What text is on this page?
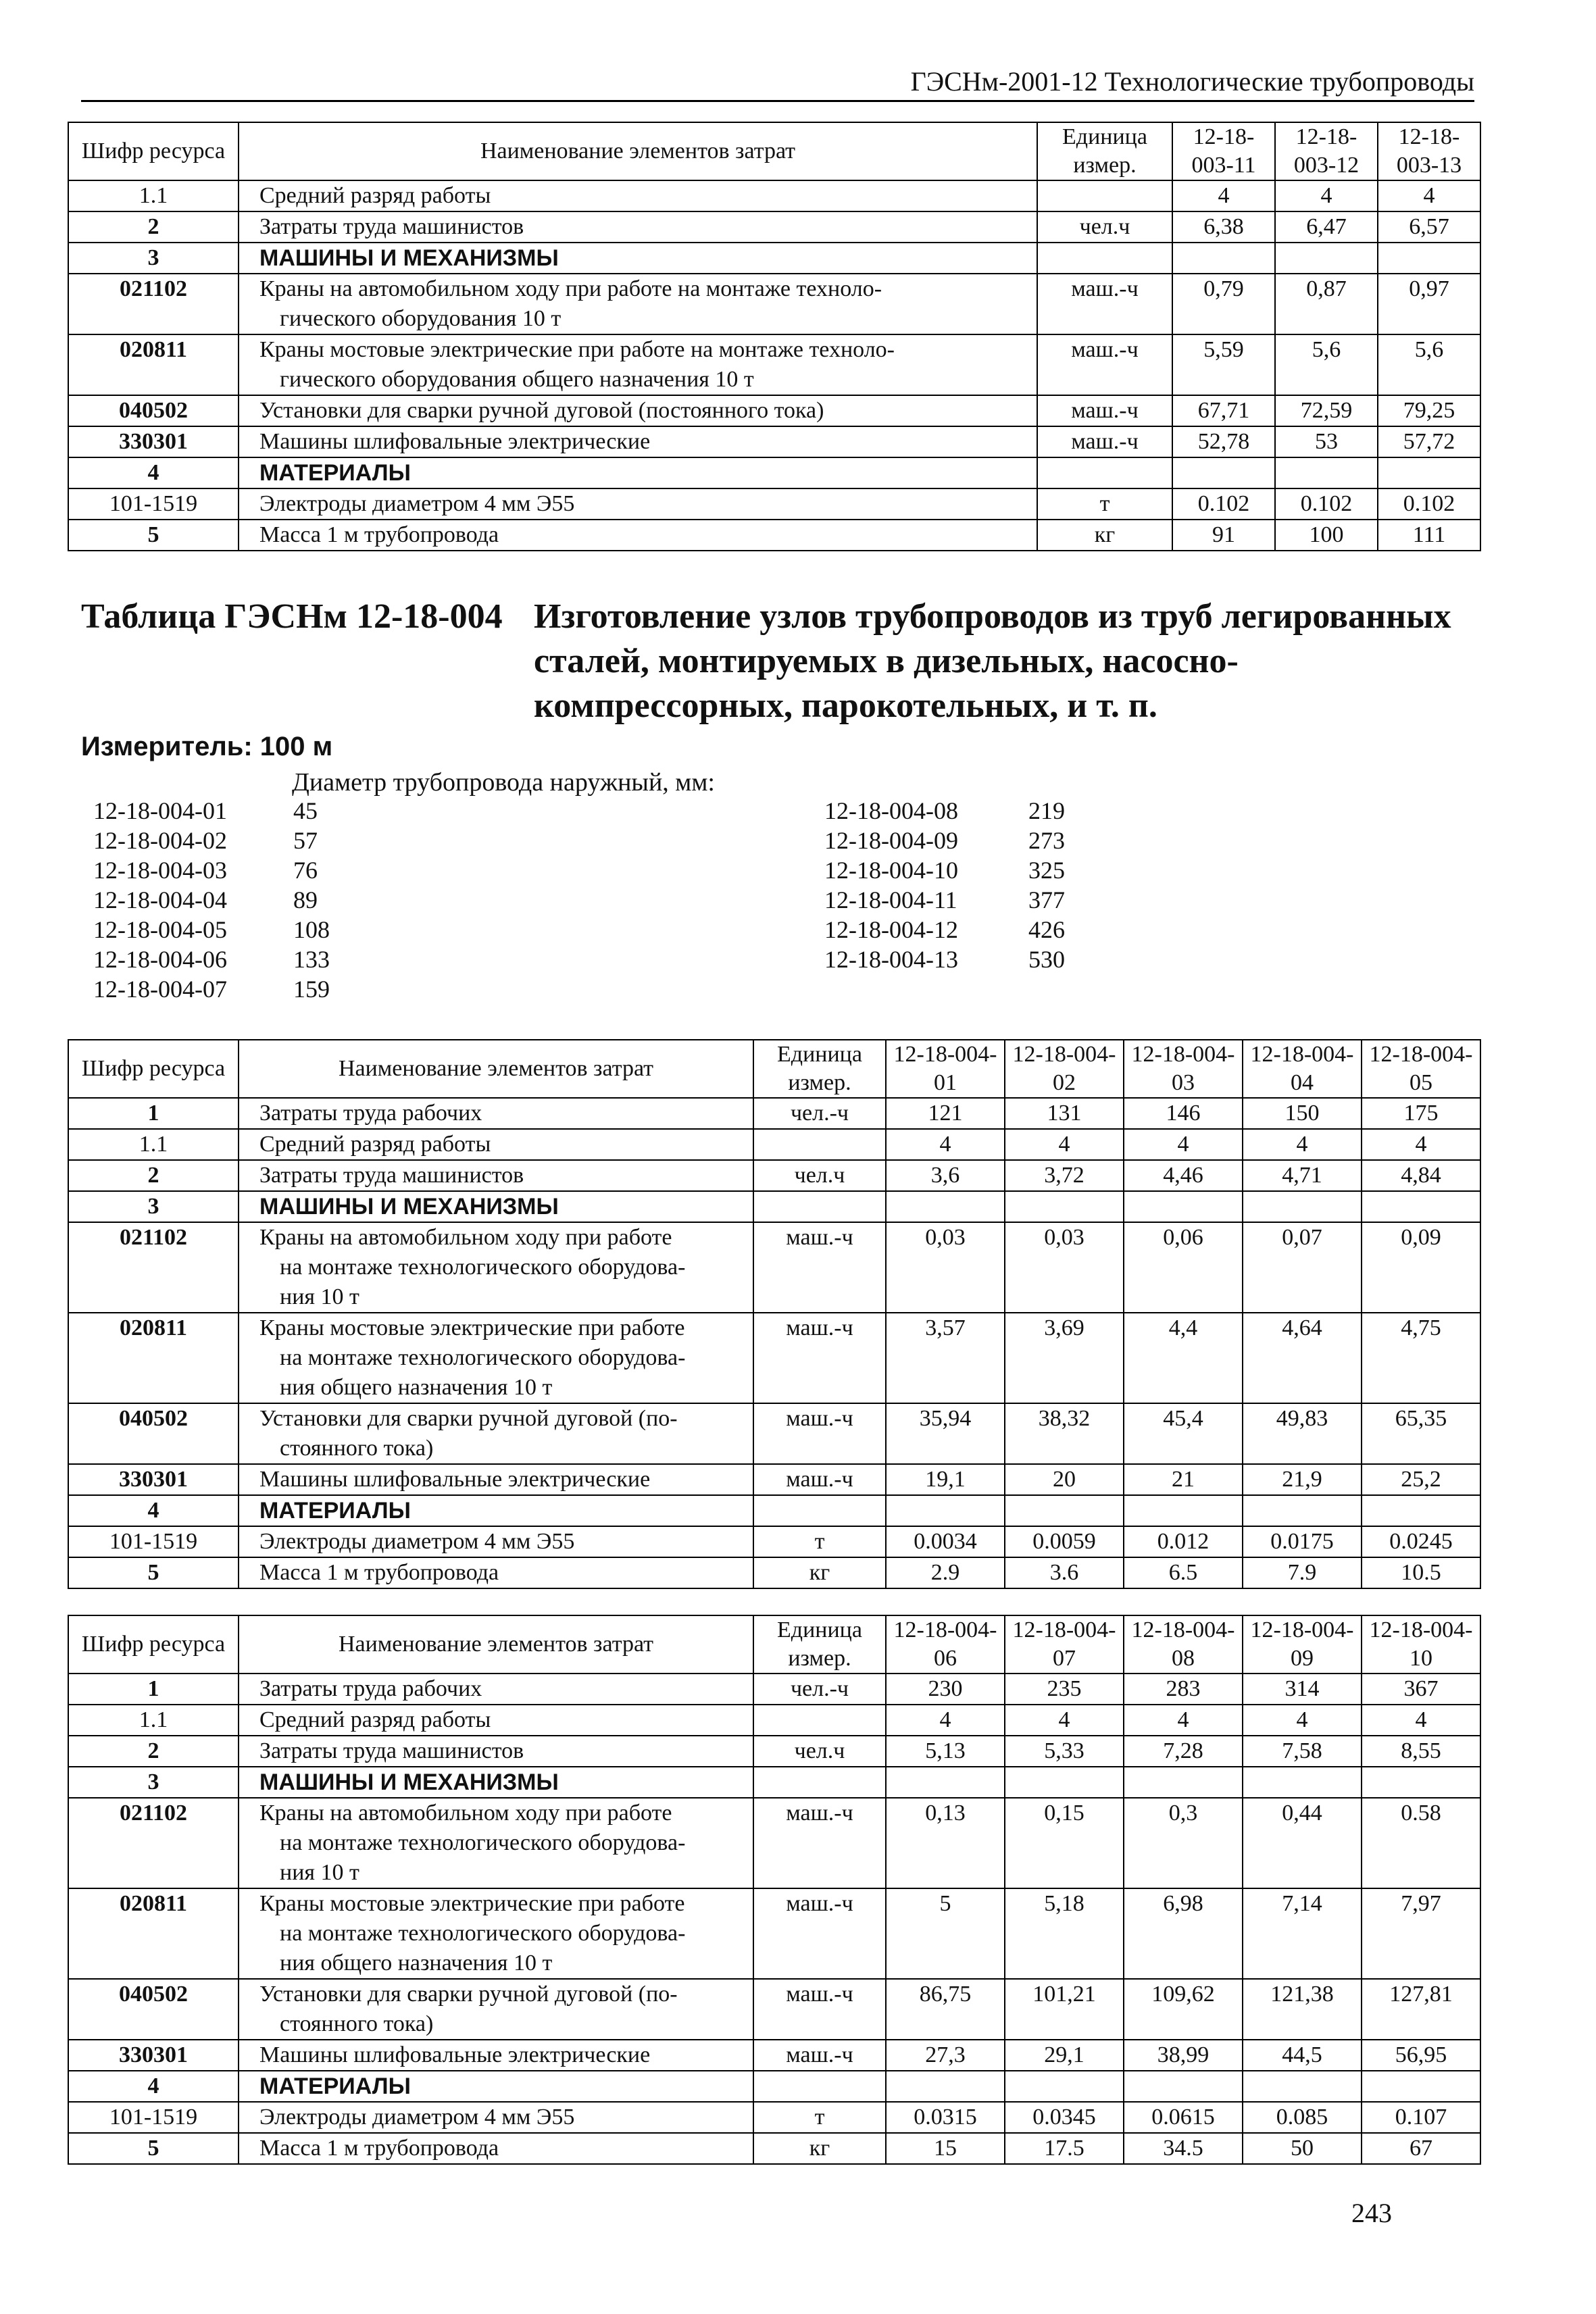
ГЭСНм-2001-12 Технологические трубопроводы
Шифр ресурса	Наименование элементов затрат	Единица измер.	12-18-003-11	12-18-003-12	12-18-003-13
1.1	Средний разряд работы		4	4	4
2	Затраты труда машинистов	чел.ч	6,38	6,47	6,57
3	МАШИНЫ И МЕХАНИЗМЫ				
021102	Краны на автомобильном ходу при работе на монтаже техноло-
гического оборудования 10 т	маш.-ч	0,79	0,87	0,97
020811	Краны мостовые электрические при работе на монтаже техноло-
гического оборудования общего назначения 10 т	маш.-ч	5,59	5,6	5,6
040502	Установки для сварки ручной дуговой (постоянного тока)	маш.-ч	67,71	72,59	79,25
330301	Машины шлифовальные электрические	маш.-ч	52,78	53	57,72
4	МАТЕРИАЛЫ				
101-1519	Электроды диаметром 4 мм Э55	т	0.102	0.102	0.102
5	Масса 1 м трубопровода	кг	91	100	111
Таблица ГЭСНм 12-18-004 Изготовление узлов трубопроводов из труб легированных сталей, монтируемых в дизельных, насосно-компрессорных, парокотельных, и т. п.
Измеритель: 100 м
Диаметр трубопровода наружный, мм:
12-18-004-01	45
12-18-004-02	57
12-18-004-03	76
12-18-004-04	89
12-18-004-05	108
12-18-004-06	133
12-18-004-07	159
12-18-004-08	219
12-18-004-09	273
12-18-004-10	325
12-18-004-11	377
12-18-004-12	426
12-18-004-13	530
Шифр ресурса	Наименование элементов затрат	Единица измер.	12-18-004-01	12-18-004-02	12-18-004-03	12-18-004-04	12-18-004-05
1	Затраты труда рабочих	чел.-ч	121	131	146	150	175
1.1	Средний разряд работы		4	4	4	4	4
2	Затраты труда машинистов	чел.ч	3,6	3,72	4,46	4,71	4,84
3	МАШИНЫ И МЕХАНИЗМЫ						
021102	Краны на автомобильном ходу при работе
на монтаже технологического оборудова-
ния 10 т	маш.-ч	0,03	0,03	0,06	0,07	0,09
020811	Краны мостовые электрические при работе
на монтаже технологического оборудова-
ния общего назначения 10 т	маш.-ч	3,57	3,69	4,4	4,64	4,75
040502	Установки для сварки ручной дуговой (по-
стоянного тока)	маш.-ч	35,94	38,32	45,4	49,83	65,35
330301	Машины шлифовальные электрические	маш.-ч	19,1	20	21	21,9	25,2
4	МАТЕРИАЛЫ						
101-1519	Электроды диаметром 4 мм Э55	т	0.0034	0.0059	0.012	0.0175	0.0245
5	Масса 1 м трубопровода	кг	2.9	3.6	6.5	7.9	10.5
Шифр ресурса	Наименование элементов затрат	Единица измер.	12-18-004-06	12-18-004-07	12-18-004-08	12-18-004-09	12-18-004-10
1	Затраты труда рабочих	чел.-ч	230	235	283	314	367
1.1	Средний разряд работы		4	4	4	4	4
2	Затраты труда машинистов	чел.ч	5,13	5,33	7,28	7,58	8,55
3	МАШИНЫ И МЕХАНИЗМЫ						
021102	Краны на автомобильном ходу при работе
на монтаже технологического оборудова-
ния 10 т	маш.-ч	0,13	0,15	0,3	0,44	0.58
020811	Краны мостовые электрические при работе
на монтаже технологического оборудова-
ния общего назначения 10 т	маш.-ч	5	5,18	6,98	7,14	7,97
040502	Установки для сварки ручной дуговой (по-
стоянного тока)	маш.-ч	86,75	101,21	109,62	121,38	127,81
330301	Машины шлифовальные электрические	маш.-ч	27,3	29,1	38,99	44,5	56,95
4	МАТЕРИАЛЫ						
101-1519	Электроды диаметром 4 мм Э55	т	0.0315	0.0345	0.0615	0.085	0.107
5	Масса 1 м трубопровода	кг	15	17.5	34.5	50	67
243
